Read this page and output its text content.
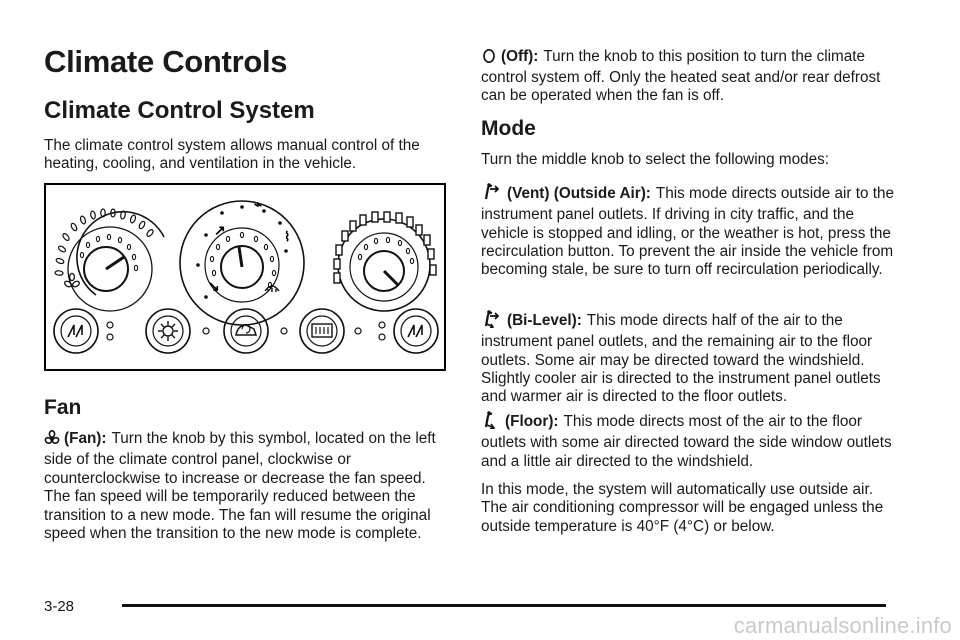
Climate Controls
Climate Control System

The climate control system allows manual control of the heating, cooling, and ventilation in the vehicle.

Fan

(Fan): Turn the knob by this symbol, located on the left side of the climate control panel, clockwise or counterclockwise to increase or decrease the fan speed. The fan speed will be temporarily reduced between the transition to a new mode. The fan will resume the original speed when the transition to the new mode is complete.

↗
⌁
⌇
↘

(Off): Turn the knob to this position to turn the climate control system off. Only the heated seat and/or rear defrost can be operated when the fan is off.

Mode

Turn the middle knob to select the following modes:

(Vent) (Outside Air): This mode directs outside air to the instrument panel outlets. If driving in city traffic, and the vehicle is stopped and idling, or the weather is hot, press the recirculation button. To prevent the air inside the vehicle from becoming stale, be sure to turn off recirculation periodically.

(Bi-Level): This mode directs half of the air to the instrument panel outlets, and the remaining air to the floor outlets. Some air may be directed toward the windshield. Slightly cooler air is directed to the instrument panel outlets and warmer air is directed to the floor outlets.

(Floor): This mode directs most of the air to the floor outlets with some air directed toward the side window outlets and a little air directed to the windshield.

In this mode, the system will automatically use outside air. The air conditioning compressor will be engaged unless the outside temperature is 40°F (4°C) or below.

3-28
carmanualsonline.info
